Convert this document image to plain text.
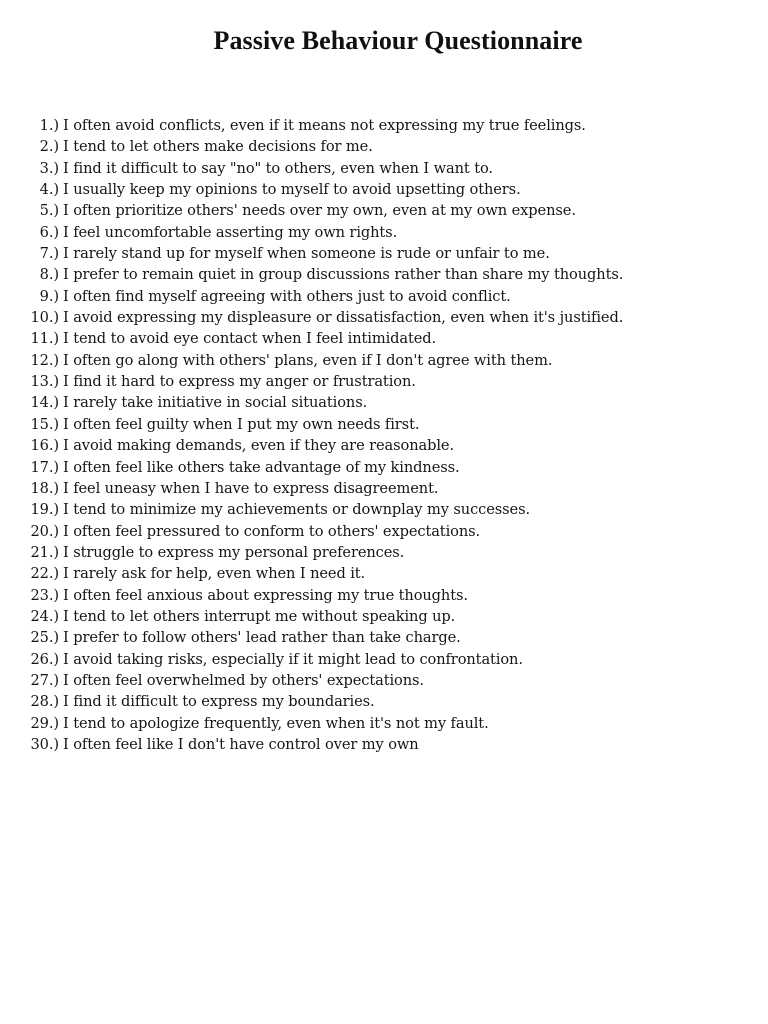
Passive Behaviour Questionnaire
1.) I often avoid conflicts, even if it means not expressing my true feelings.
2.) I tend to let others make decisions for me.
3.) I find it difficult to say "no" to others, even when I want to.
4.) I usually keep my opinions to myself to avoid upsetting others.
5.) I often prioritize others' needs over my own, even at my own expense.
6.) I feel uncomfortable asserting my own rights.
7.) I rarely stand up for myself when someone is rude or unfair to me.
8.) I prefer to remain quiet in group discussions rather than share my thoughts.
9.) I often find myself agreeing with others just to avoid conflict.
10.) I avoid expressing my displeasure or dissatisfaction, even when it's justified.
11.) I tend to avoid eye contact when I feel intimidated.
12.) I often go along with others' plans, even if I don't agree with them.
13.) I find it hard to express my anger or frustration.
14.) I rarely take initiative in social situations.
15.) I often feel guilty when I put my own needs first.
16.) I avoid making demands, even if they are reasonable.
17.) I often feel like others take advantage of my kindness.
18.) I feel uneasy when I have to express disagreement.
19.) I tend to minimize my achievements or downplay my successes.
20.) I often feel pressured to conform to others' expectations.
21.) I struggle to express my personal preferences.
22.) I rarely ask for help, even when I need it.
23.) I often feel anxious about expressing my true thoughts.
24.) I tend to let others interrupt me without speaking up.
25.) I prefer to follow others' lead rather than take charge.
26.) I avoid taking risks, especially if it might lead to confrontation.
27.) I often feel overwhelmed by others' expectations.
28.) I find it difficult to express my boundaries.
29.) I tend to apologize frequently, even when it's not my fault.
30.) I often feel like I don't have control over my own
